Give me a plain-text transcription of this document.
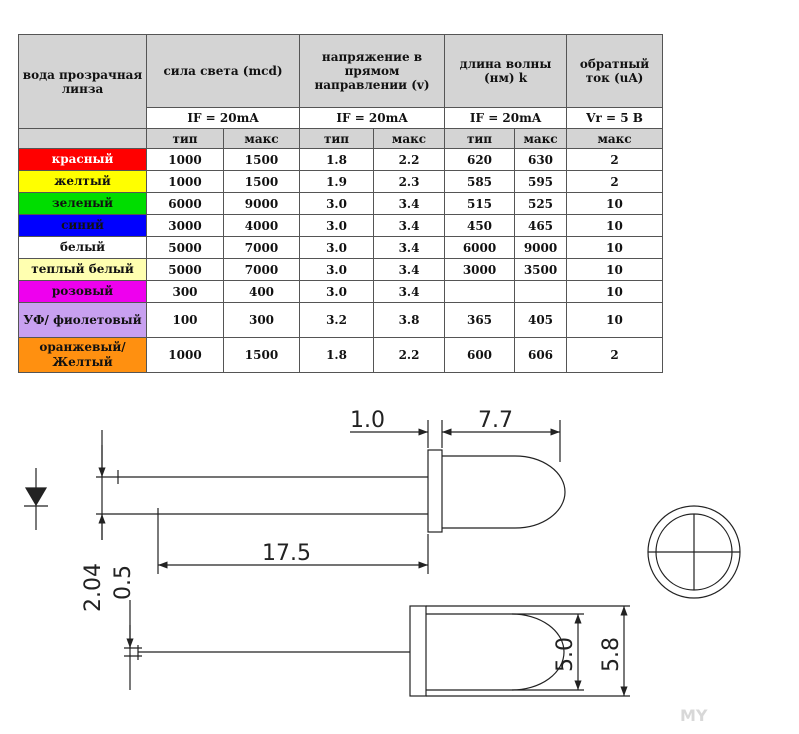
вода прозрачная линза	сила света (mcd)		напряжение в прямом направлении (v)		длина волны (нм) k		обратный ток (uA)
	IF = 20mA		IF = 20mA		IF = 20mA		Vr = 5 B
	тип	макс	тип	макс	тип	макс	макс
красный	1000	1500	1.8	2.2	620	630	2
желтый	1000	1500	1.9	2.3	585	595	2
зеленый	6000	9000	3.0	3.4	515	525	10
синий	3000	4000	3.0	3.4	450	465	10
белый	5000	7000	3.0	3.4	6000	9000	10
теплый белый	5000	7000	3.0	3.4	3000	3500	10
розовый	300	400	3.0	3.4			10
УФ/ фиолетовый	100	300	3.2	3.8	365	405	10
оранжевый/ Желтый	1000	1500	1.8	2.2	600	606	2
1.0	7.7
17.5
2.04 0.5
5.0 5.8
MY
